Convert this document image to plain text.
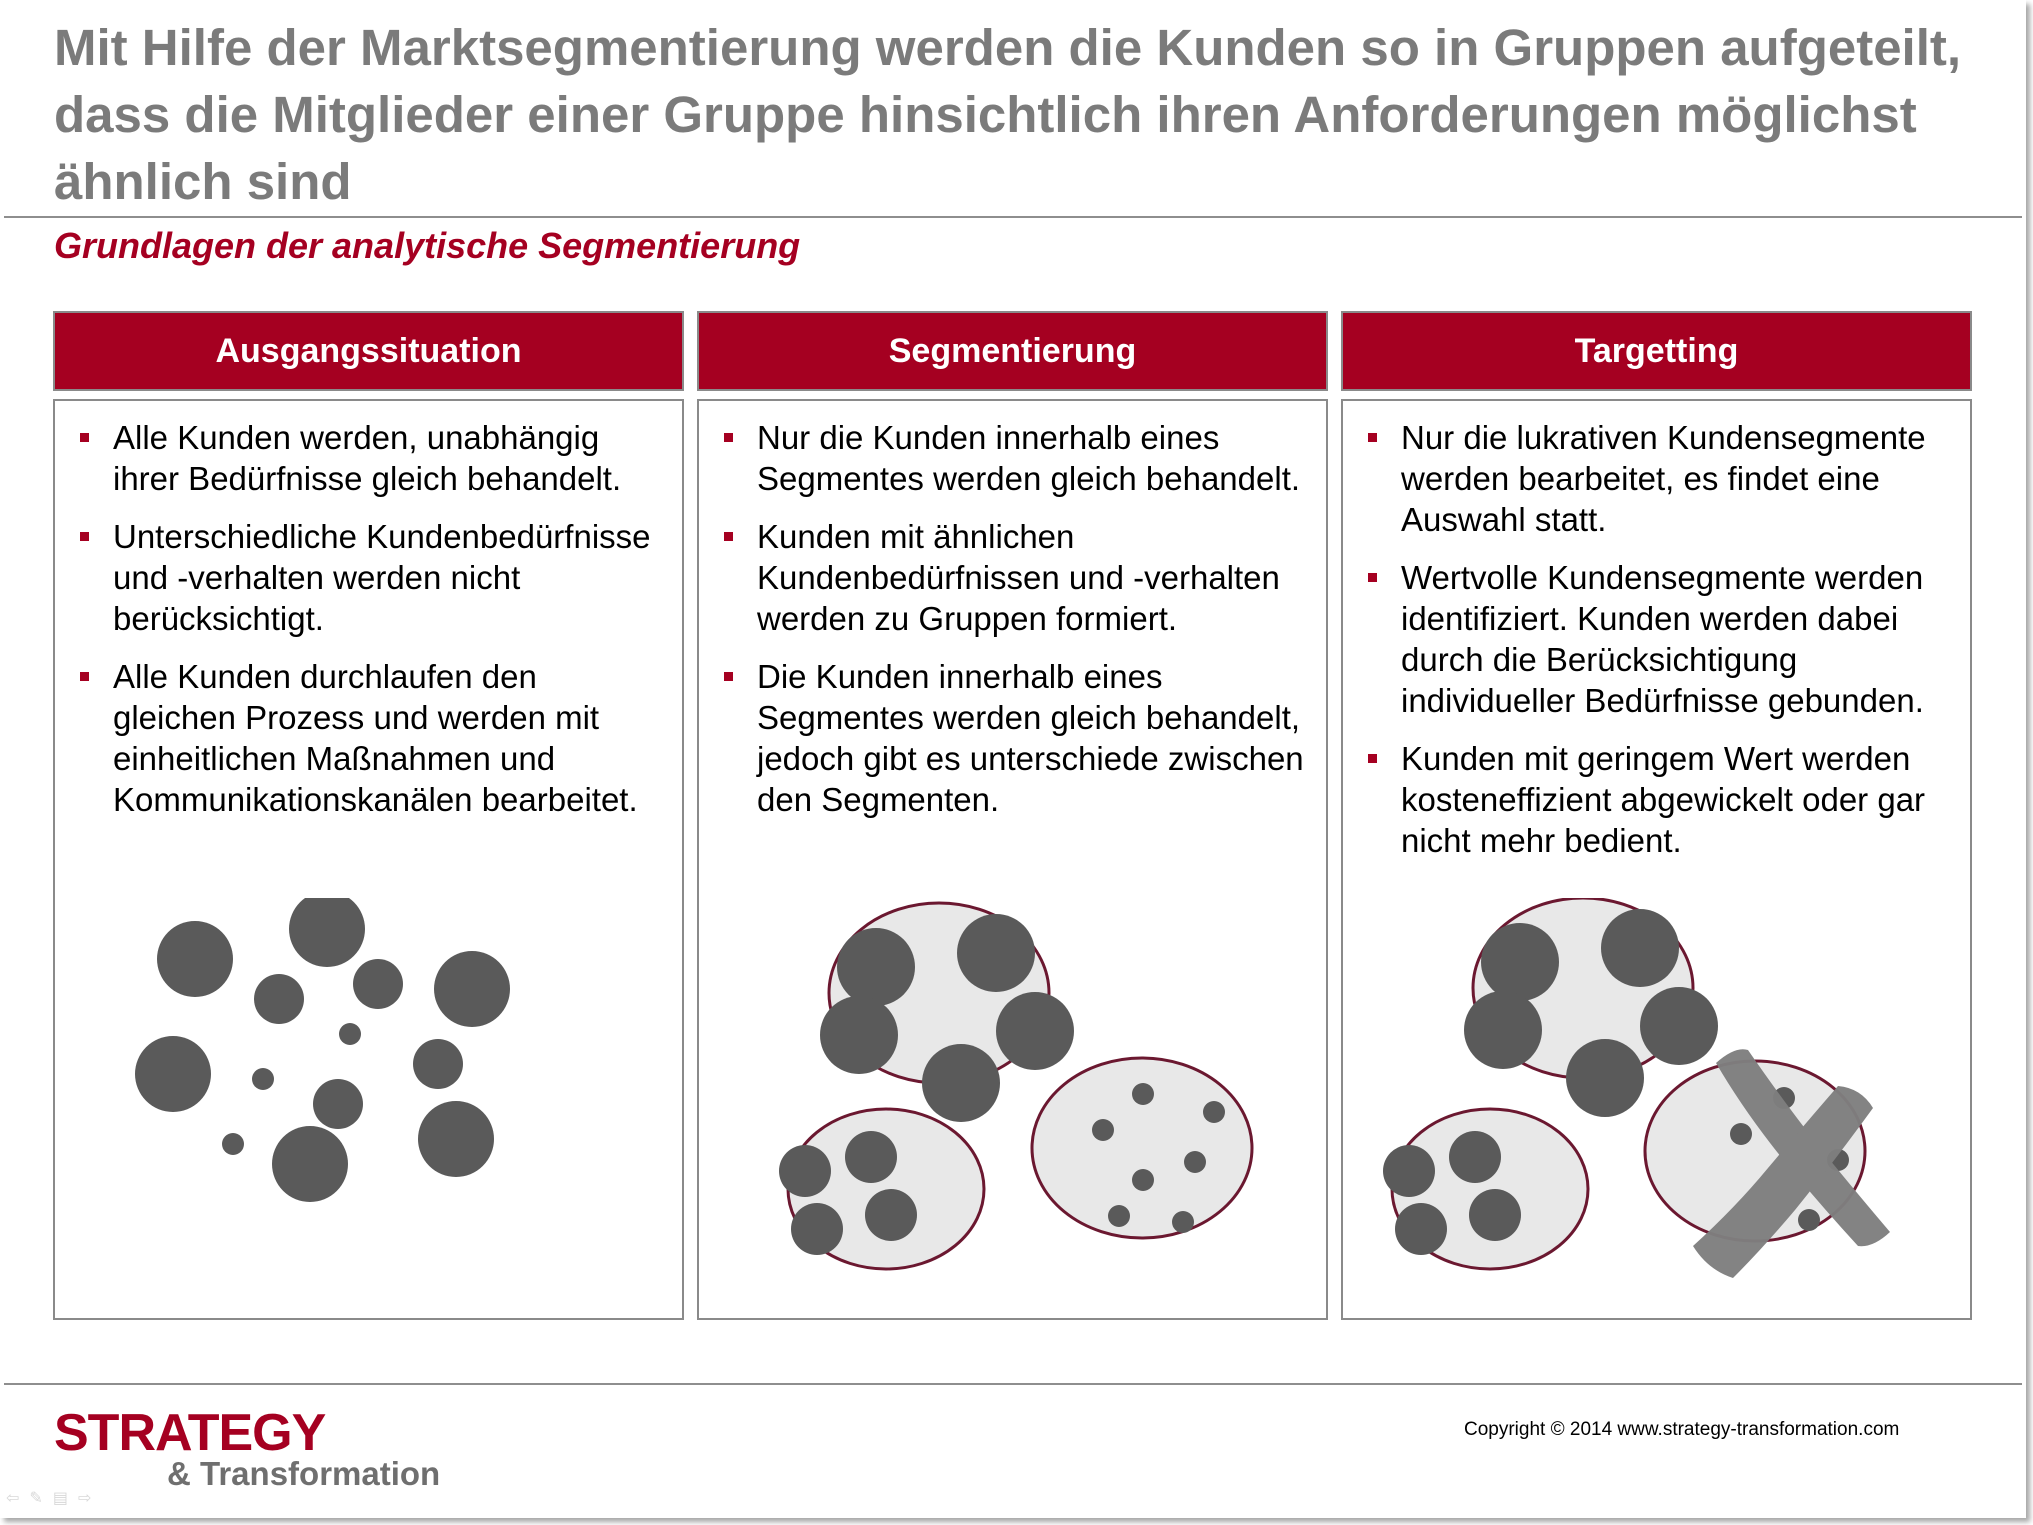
Mit Hilfe der Marktsegmentierung werden die Kunden so in Gruppen aufgeteilt, dass die Mitglieder einer Gruppe hinsichtlich ihren Anforderungen möglichst ähnlich sind
Grundlagen der analytische Segmentierung
Ausgangssituation
Alle Kunden werden, unabhängig ihrer Bedürfnisse gleich behandelt.
Unterschiedliche Kundenbedürfnisse und -verhalten werden nicht berücksichtigt.
Alle Kunden durchlaufen den gleichen Prozess und werden mit einheitlichen Maßnahmen und Kommunikationskanälen bearbeitet.
Segmentierung
Nur die Kunden innerhalb eines Segmentes werden gleich behandelt.
Kunden mit ähnlichen Kundenbedürfnissen und -verhalten werden zu Gruppen formiert.
Die Kunden innerhalb eines Segmentes werden gleich behandelt, jedoch gibt es unterschiede zwischen den Segmenten.
Targetting
Nur die lukrativen Kundensegmente werden bearbeitet, es findet eine Auswahl statt.
Wertvolle Kundensegmente werden identifiziert. Kunden werden dabei durch die Berücksichtigung individueller Bedürfnisse gebunden.
Kunden mit geringem Wert werden kosteneffizient abgewickelt oder gar nicht mehr bedient.
STRATEGY
& Transformation
Copyright © 2014 www.strategy-transformation.com
⇦ ✎ ▤ ⇨
